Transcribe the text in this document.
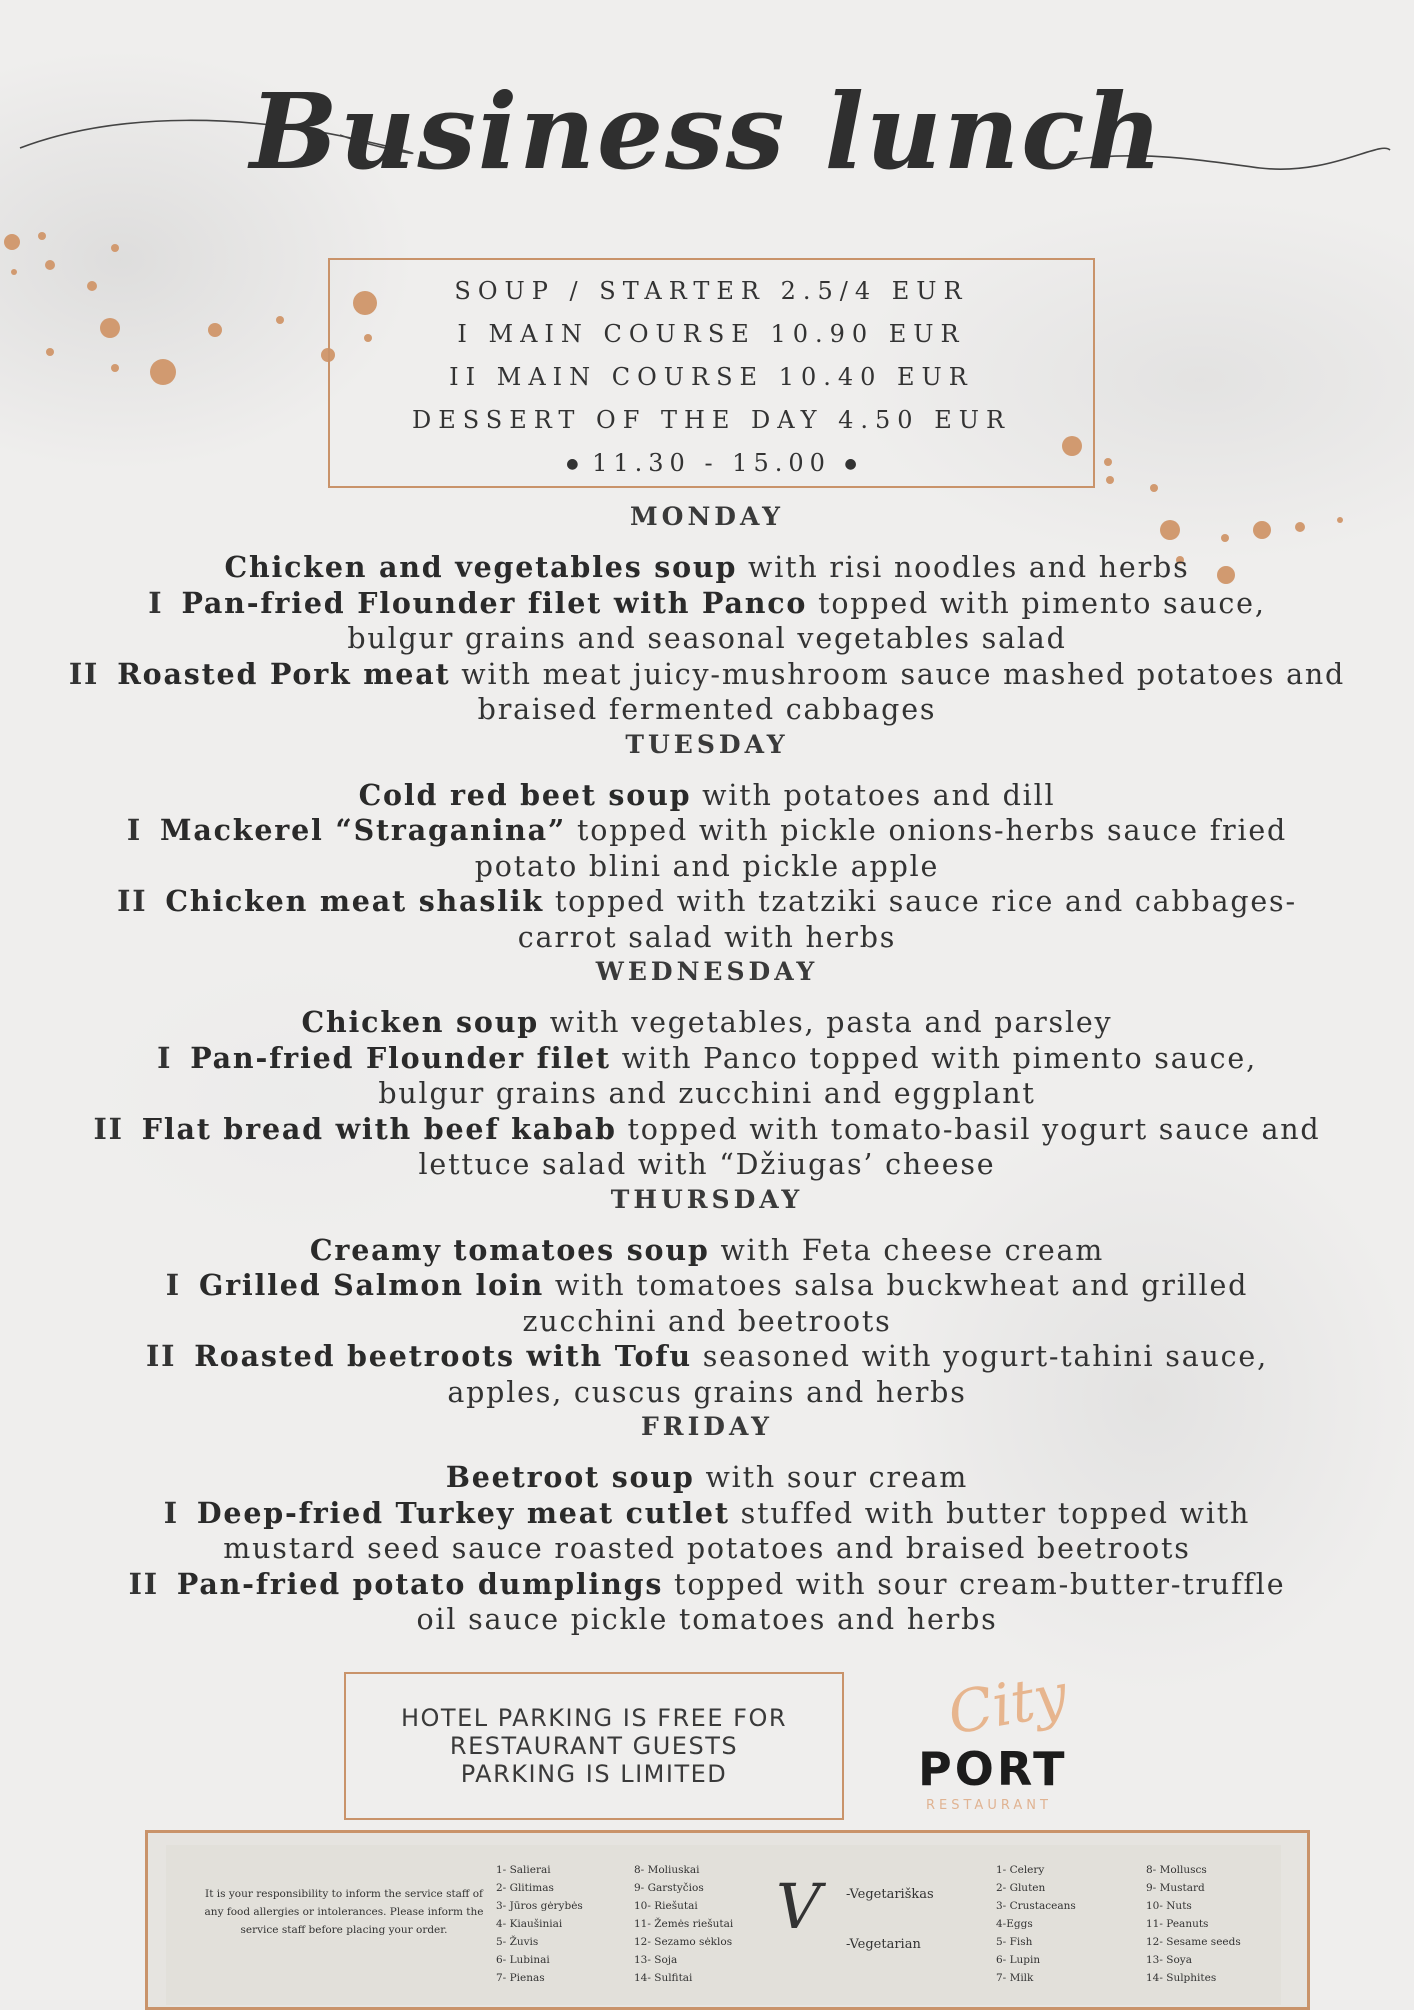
Business lunch
SOUP / STARTER 2.5/4 EUR
I MAIN COURSE 10.90 EUR
II MAIN COURSE 10.40 EUR
DESSERT OF THE DAY 4.50 EUR
● 11.30 - 15.00 ●
MONDAY
Chicken and vegetables soup with risi noodles and herbs
I Pan-fried Flounder filet with Panco topped with pimento sauce,
bulgur grains and seasonal vegetables salad
II Roasted Pork meat with meat juicy-mushroom sauce mashed potatoes and
braised fermented cabbages
TUESDAY
Cold red beet soup with potatoes and dill
I Mackerel “Straganina” topped with pickle onions-herbs sauce fried
potato blini and pickle apple
II Chicken meat shaslik topped with tzatziki sauce rice and cabbages-
carrot salad with herbs
WEDNESDAY
Chicken soup with vegetables, pasta and parsley
I Pan-fried Flounder filet with Panco topped with pimento sauce,
bulgur grains and zucchini and eggplant
II Flat bread with beef kabab topped with tomato-basil yogurt sauce and
lettuce salad with “Džiugas’ cheese
THURSDAY
Creamy tomatoes soup with Feta cheese cream
I Grilled Salmon loin with tomatoes salsa buckwheat and grilled
zucchini and beetroots
II Roasted beetroots with Tofu seasoned with yogurt-tahini sauce,
apples, cuscus grains and herbs
FRIDAY
Beetroot soup with sour cream
I Deep-fried Turkey meat cutlet stuffed with butter topped with
mustard seed sauce roasted potatoes and braised beetroots
II Pan-fried potato dumplings topped with sour cream-butter-truffle
oil sauce pickle tomatoes and herbs
HOTEL PARKING IS FREE FOR
RESTAURANT GUESTS
PARKING IS LIMITED
City
PORT
RESTAURANT
It is your responsibility to inform the service staff of any food allergies or intolerances. Please inform the service staff before placing your order.
1- Salierai
2- Glitimas
3- Jūros gėrybės
4- Kiaušiniai
5- Žuvis
6- Lubinai
7- Pienas
8- Moliuskai
9- Garstyčios
10- Riešutai
11- Žemės riešutai
12- Sezamo sėklos
13- Soja
14- Sulfitai
V -Vegetariškas
-Vegetarian
1- Celery
2- Gluten
3- Crustaceans
4-Eggs
5- Fish
6- Lupin
7- Milk
8- Molluscs
9- Mustard
10- Nuts
11- Peanuts
12- Sesame seeds
13- Soya
14- Sulphites
